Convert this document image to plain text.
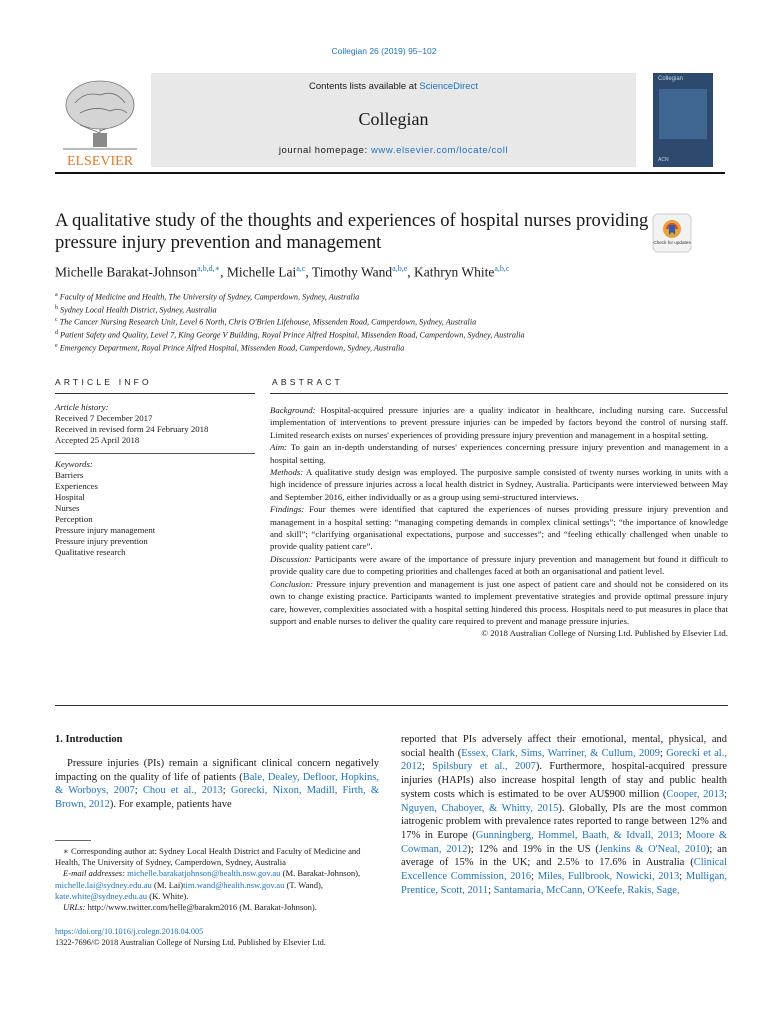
Collegian 26 (2019) 95–102
ELSEVIER
Contents lists available at ScienceDirect
Collegian
journal homepage: www.elsevier.com/locate/coll
Collegian
ACN
A qualitative study of the thoughts and experiences of hospital nurses providing pressure injury prevention and management	Check for updates
Michelle Barakat-Johnson$^{a,b,d,∗}$, Michelle Lai$^{a,c}$, Timothy Wand$^{a,b,e}$, Kathryn White$^{a,b,c}$
$^a$ Faculty of Medicine and Health, The University of Sydney, Camperdown, Sydney, Australia
$^b$ Sydney Local Health District, Sydney, Australia
$^c$ The Cancer Nursing Research Unit, Level 6 North, Chris O'Brien Lifehouse, Missenden Road, Camperdown, Sydney, Australia
$^d$ Patient Safety and Quality, Level 7, King George V Building, Royal Prince Alfred Hospital, Missenden Road, Camperdown, Sydney, Australia
$^e$ Emergency Department, Royal Prince Alfred Hospital, Missenden Road, Camperdown, Sydney, Australia
ARTICLE INFO	ABSTRACT
Article history:
Received 7 December 2017
Received in revised form 24 February 2018
Accepted 25 April 2018
Keywords:
Barriers
Experiences
Hospital
Nurses
Perception
Pressure injury management
Pressure injury prevention
Qualitative research

Background: Hospital-acquired pressure injuries are a quality indicator in healthcare, including nursing care. Successful implementation of interventions to prevent pressure injuries can be impeded by factors beyond the control of nursing staff. Limited research exists on nurses' experiences of providing pressure injury prevention and management in a hospital setting.

Aim: To gain an in-depth understanding of nurses' experiences concerning pressure injury prevention and management in a hospital setting.

Methods: A qualitative study design was employed. The purposive sample consisted of twenty nurses working in units with a high incidence of pressure injuries across a local health district in Sydney, Australia. Participants were interviewed between May and September 2016, either individually or as a group using semi-structured interviews.

Findings: Four themes were identified that captured the experiences of nurses providing pressure injury prevention and management in a hospital setting: “managing competing demands in complex clinical settings”; “the importance of knowledge and skill”; “clarifying organisational expectations, purpose and successes”; and “feeling ethically challenged when unable to provide quality patient care”.

Discussion: Participants were aware of the importance of pressure injury prevention and management but found it difficult to provide quality care due to competing priorities and challenges faced at both an organisational and patient level.

Conclusion: Pressure injury prevention and management is just one aspect of patient care and should not be considered on its own to change existing practice. Participants wanted to implement preventative strategies and provide optimal pressure injury care, however, complexities associated with a hospital setting hindered this process. Hospitals need to put measures in place that support and enable nurses to deliver the quality care required to prevent and manage pressure injuries.

© 2018 Australian College of Nursing Ltd. Published by Elsevier Ltd.

1. Introduction
Pressure injuries (PIs) remain a significant clinical concern negatively impacting on the quality of life of patients (Bale, Dealey, Defloor, Hopkins, & Worboys, 2007; Chou et al., 2013; Gorecki, Nixon, Madill, Firth, & Brown, 2012). For example, patients have
reported that PIs adversely affect their emotional, mental, physical, and social health (Essex, Clark, Sims, Warriner, & Cullum, 2009; Gorecki et al., 2012; Spilsbury et al., 2007). Furthermore, hospital-acquired pressure injuries (HAPIs) also increase hospital length of stay and public health system costs which is estimated to be over AU$900 million (Cooper, 2013; Nguyen, Chaboyer, & Whitty, 2015). Globally, PIs are the most common iatrogenic problem with prevalence rates reported to range between 12% and 17% in Europe (Gunningberg, Hommel, Baath, & Idvall, 2013; Moore & Cowman, 2012); 12% and 19% in the US (Jenkins & O'Neal, 2010); an average of 15% in the UK; and 2.5% to 17.6% in Australia (Clinical Excellence Commission, 2016; Miles, Fullbrook, Nowicki, 2013; Mulligan, Prentice, Scott, 2011; Santamaria, McCann, O'Keefe, Rakis, Sage,
∗ Corresponding author at: Sydney Local Health District and Faculty of Medicine and Health, The University of Sydney, Camperdown, Sydney, Australia
E-mail addresses: michelle.barakatjohnson@health.nsw.gov.au (M. Barakat-Johnson), michelle.lai@sydney.edu.au (M. Lai)tim.wand@health.nsw.gov.au (T. Wand), kate.white@sydney.edu.au (K. White).
URLs: http://www.twitter.com/helle@barakm2016 (M. Barakat-Johnson).
https://doi.org/10.1016/j.colegn.2018.04.005
1322-7696/© 2018 Australian College of Nursing Ltd. Published by Elsevier Ltd.
